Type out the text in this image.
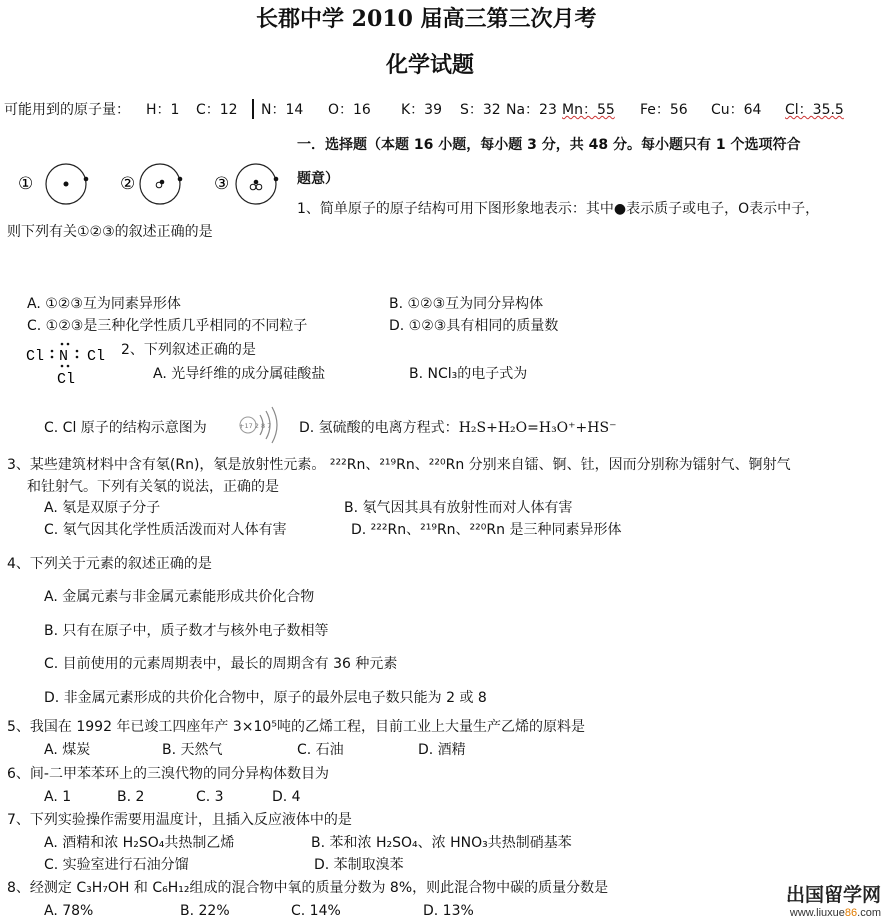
长郡中学 2010 届高三第三次月考
化学试题
可能用到的原子量： H：1 C：12 N：14 O：16 K：39 S：32 Na：23 Mn：55 Fe：56 Cu：64 Cl：35.5
一．选择题（本题 16 小题，每小题 3 分，共 48 分。每小题只有 1 个选项符合
题意）
①	②	③
1、简单原子的原子结构可用下图形象地表示：其中●表示质子或电子，O表示中子，
则下列有关①②③的叙述正确的是
A. ①②③互为同素异形体	B. ①②③互为同分异构体
C. ①②③是三种化学性质几乎相同的不同粒子	D. ①②③具有相同的质量数
Cl N Cl
Cl
2、下列叙述正确的是
A. 光导纤维的成分属硅酸盐	B. NCl₃的电子式为
C. Cl 原子的结构示意图为	+17 2 8 7 D. 氢硫酸的电离方程式：H₂S+H₂O=H₃O⁺+HS⁻
3、某些建筑材料中含有氡(Rn)，氡是放射性元素。 ²²²Rn、²¹⁹Rn、²²⁰Rn 分别来自镭、锕、钍，因而分别称为镭射气、锕射气
和钍射气。下列有关氡的说法，正确的是
A. 氡是双原子分子	B. 氡气因其具有放射性而对人体有害
C. 氡气因其化学性质活泼而对人体有害	D. ²²²Rn、²¹⁹Rn、²²⁰Rn 是三种同素异形体
4、下列关于元素的叙述正确的是
A. 金属元素与非金属元素能形成共价化合物
B. 只有在原子中，质子数才与核外电子数相等
C. 目前使用的元素周期表中，最长的周期含有 36 种元素
D. 非金属元素形成的共价化合物中，原子的最外层电子数只能为 2 或 8
5、我国在 1992 年已竣工四座年产 3×10⁵吨的乙烯工程，目前工业上大量生产乙烯的原料是
A. 煤炭	B. 天然气	C. 石油	D. 酒精
6、间-二甲苯苯环上的三溴代物的同分异构体数目为
A. 1	B. 2	C. 3	D. 4
7、下列实验操作需要用温度计，且插入反应液体中的是
A. 酒精和浓 H₂SO₄共热制乙烯	B. 苯和浓 H₂SO₄、浓 HNO₃共热制硝基苯
C. 实验室进行石油分馏	D. 苯制取溴苯
8、经测定 C₃H₇OH 和 C₆H₁₂组成的混合物中氧的质量分数为 8%，则此混合物中碳的质量分数是
A. 78%	B. 22%	C. 14%	D. 13%
出国留学网
www.liuxue86.com
